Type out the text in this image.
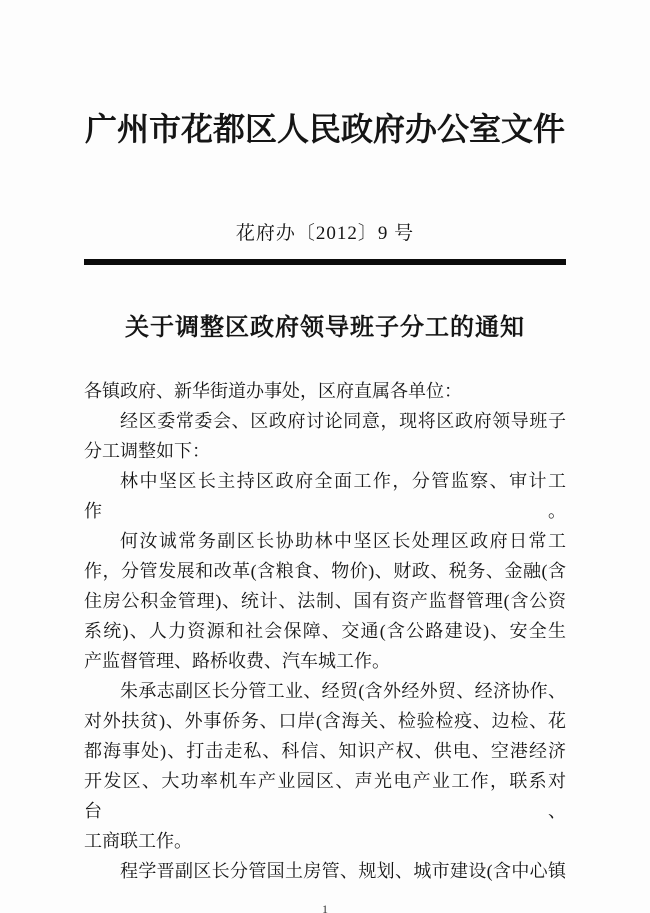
广州市花都区人民政府办公室文件
花府办〔2012〕9 号
关于调整区政府领导班子分工的通知
各镇政府、新华街道办事处，区府直属各单位：
经区委常委会、区政府讨论同意，现将区政府领导班子
分工调整如下：
林中坚区长主持区政府全面工作，分管监察、审计工作。
何汝诚常务副区长协助林中坚区长处理区政府日常工
作，分管发展和改革(含粮食、物价)、财政、税务、金融(含
住房公积金管理)、统计、法制、国有资产监督管理(含公资
系统)、人力资源和社会保障、交通(含公路建设)、安全生
产监督管理、路桥收费、汽车城工作。
朱承志副区长分管工业、经贸(含外经外贸、经济协作、
对外扶贫)、外事侨务、口岸(含海关、检验检疫、边检、花
都海事处)、打击走私、科信、知识产权、供电、空港经济
开发区、大功率机车产业园区、声光电产业工作，联系对台、
工商联工作。
程学晋副区长分管国土房管、规划、城市建设(含中心镇
1
